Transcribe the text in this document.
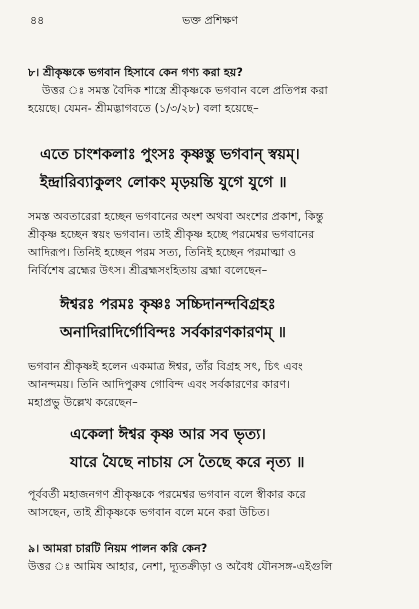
৪৪	ভক্ত প্রশিক্ষণ
৮। শ্রীকৃষ্ণকে ভগবান হিসাবে কেন গণ্য করা হয়?
উত্তর ঃ সমস্ত বৈদিক শাস্ত্রে শ্রীকৃষ্ণকে ভগবান বলে প্রতিপন্ন করা
হয়েছে। যেমন- শ্রীমদ্ভাগবতে (১/৩/২৮) বলা হয়েছে–
এতে চাংশকলাঃ পুংসঃ কৃষ্ণস্তু ভগবান্ স্বয়ম্।
ইন্দ্রারিব্যাকুলং লোকং মৃড়য়ন্তি যুগে যুগে ॥
সমস্ত অবতারেরা হচ্ছেন ভগবানের অংশ অথবা অংশের প্রকাশ, কিন্তু
শ্রীকৃষ্ণ হচ্ছেন স্বয়ং ভগবান। তাই শ্রীকৃষ্ণ হচ্ছে পরমেশ্বর ভগবানের
আদিরূপ। তিনিই হচ্ছেন পরম সত্য, তিনিই হচ্ছেন পরমাত্মা ও
নির্বিশেষ ব্রহ্মের উৎস। শ্রীব্রহ্মসংহিতায় ব্রহ্মা বলেছেন–
ঈশ্বরঃ পরমঃ কৃষ্ণঃ সচ্চিদানন্দবিগ্রহঃ
অনাদিরাদির্গোবিন্দঃ সর্বকারণকারণম্ ॥
ভগবান শ্রীকৃষ্ণই হলেন একমাত্র ঈশ্বর, তাঁর বিগ্রহ সৎ, চিৎ এবং
আনন্দময়। তিনি আদিপুরুষ গোবিন্দ এবং সর্বকারণের কারণ।
মহাপ্রভু উল্লেখ করেছেন–
একেলা ঈশ্বর কৃষ্ণ আর সব ভৃত্য।
যারে যৈছে নাচায় সে তৈছে করে নৃত্য ॥
পূর্ববর্তী মহাজনগণ শ্রীকৃষ্ণকে পরমেশ্বর ভগবান বলে স্বীকার করে
আসছেন, তাই শ্রীকৃষ্ণকে ভগবান বলে মনে করা উচিত।
৯। আমরা চারটি নিয়ম পালন করি কেন?
উত্তর ঃ আমিষ আহার, নেশা, দ্যূতক্রীড়া ও অবৈধ যৌনসঙ্গ-এইগুলি
